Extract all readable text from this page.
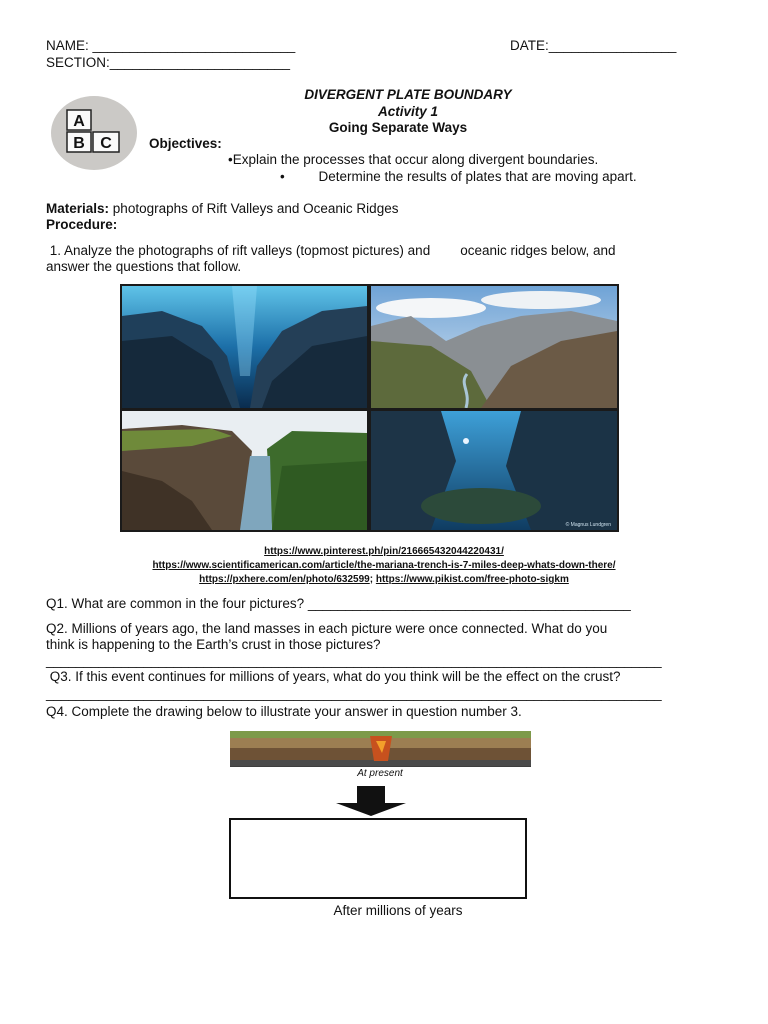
NAME: ___________________________	DATE:_________________
SECTION:________________________
A
B C
DIVERGENT PLATE BOUNDARY
Activity 1
Going Separate Ways
Objectives:
•Explain the processes that occur along divergent boundaries.
•         Determine the results of plates that are moving apart.
Materials: photographs of Rift Valleys and Oceanic Ridges
Procedure:
1. Analyze the photographs of rift valleys (topmost pictures) and        oceanic ridges below, and
answer the questions that follow.
© Magnus Lundgren
https://www.pinterest.ph/pin/216665432044220431/
https://www.scientificamerican.com/article/the-mariana-trench-is-7-miles-deep-whats-down-there/
https://pxhere.com/en/photo/632599; https://www.pikist.com/free-photo-sigkm
Q1. What are common in the four pictures? ___________________________________________
Q2. Millions of years ago, the land masses in each picture were once connected. What do you
think is happening to the Earth’s crust in those pictures?
__________________________________________________________________________________
Q3. If this event continues for millions of years, what do you think will be the effect on the crust?
__________________________________________________________________________________
Q4. Complete the drawing below to illustrate your answer in question number 3.
At present
After millions of years
